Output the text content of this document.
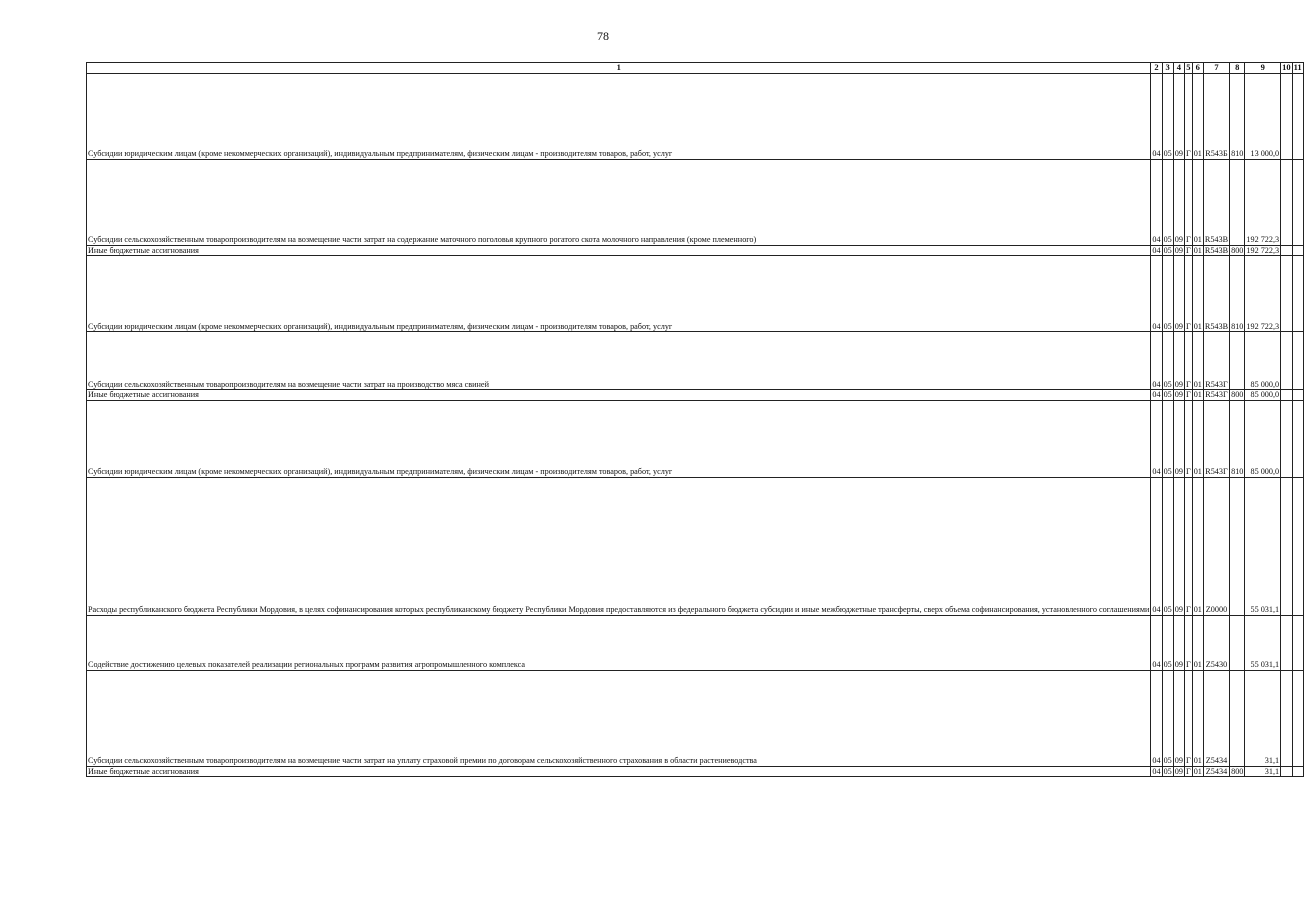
78
1	2	3	4	5	6	7	8	9	10	11
Субсидии юридическим лицам (кроме некоммерческих организаций), индивидуальным предпринимателям, физическим лицам - производителям товаров, работ, услуг	04	05	09	Г	01	R543Б	810	13 000,0		
Субсидии сельскохозяйственным товаропроизводителям на возмещение части затрат на содержание маточного поголовья крупного рогатого скота молочного направления (кроме племенного)	04	05	09	Г	01	R543В		192 722,3		
Иные бюджетные ассигнования	04	05	09	Г	01	R543В	800	192 722,3		
Субсидии юридическим лицам (кроме некоммерческих организаций), индивидуальным предпринимателям, физическим лицам - производителям товаров, работ, услуг	04	05	09	Г	01	R543В	810	192 722,3		
Субсидии сельскохозяйственным товаропроизводителям на возмещение части затрат на производство мяса свиней	04	05	09	Г	01	R543Г		85 000,0		
Иные бюджетные ассигнования	04	05	09	Г	01	R543Г	800	85 000,0		
Субсидии юридическим лицам (кроме некоммерческих организаций), индивидуальным предпринимателям, физическим лицам - производителям товаров, работ, услуг	04	05	09	Г	01	R543Г	810	85 000,0		
Расходы республиканского бюджета Республики Мордовия, в целях софинансирования которых республиканскому бюджету Республики Мордовия предоставляются из федерального бюджета субсидии и иные межбюджетные трансферты, сверх объема софинансирования, установленного соглашениями	04	05	09	Г	01	Z0000		55 031,1		
Содействие достижению целевых показателей реализации региональных программ развития агропромышленного комплекса	04	05	09	Г	01	Z5430		55 031,1		
Субсидии сельскохозяйственным товаропроизводителям на возмещение части затрат на уплату страховой премии по договорам сельскохозяйственного страхования в области растениеводства	04	05	09	Г	01	Z5434		31,1		
Иные бюджетные ассигнования	04	05	09	Г	01	Z5434	800	31,1		
